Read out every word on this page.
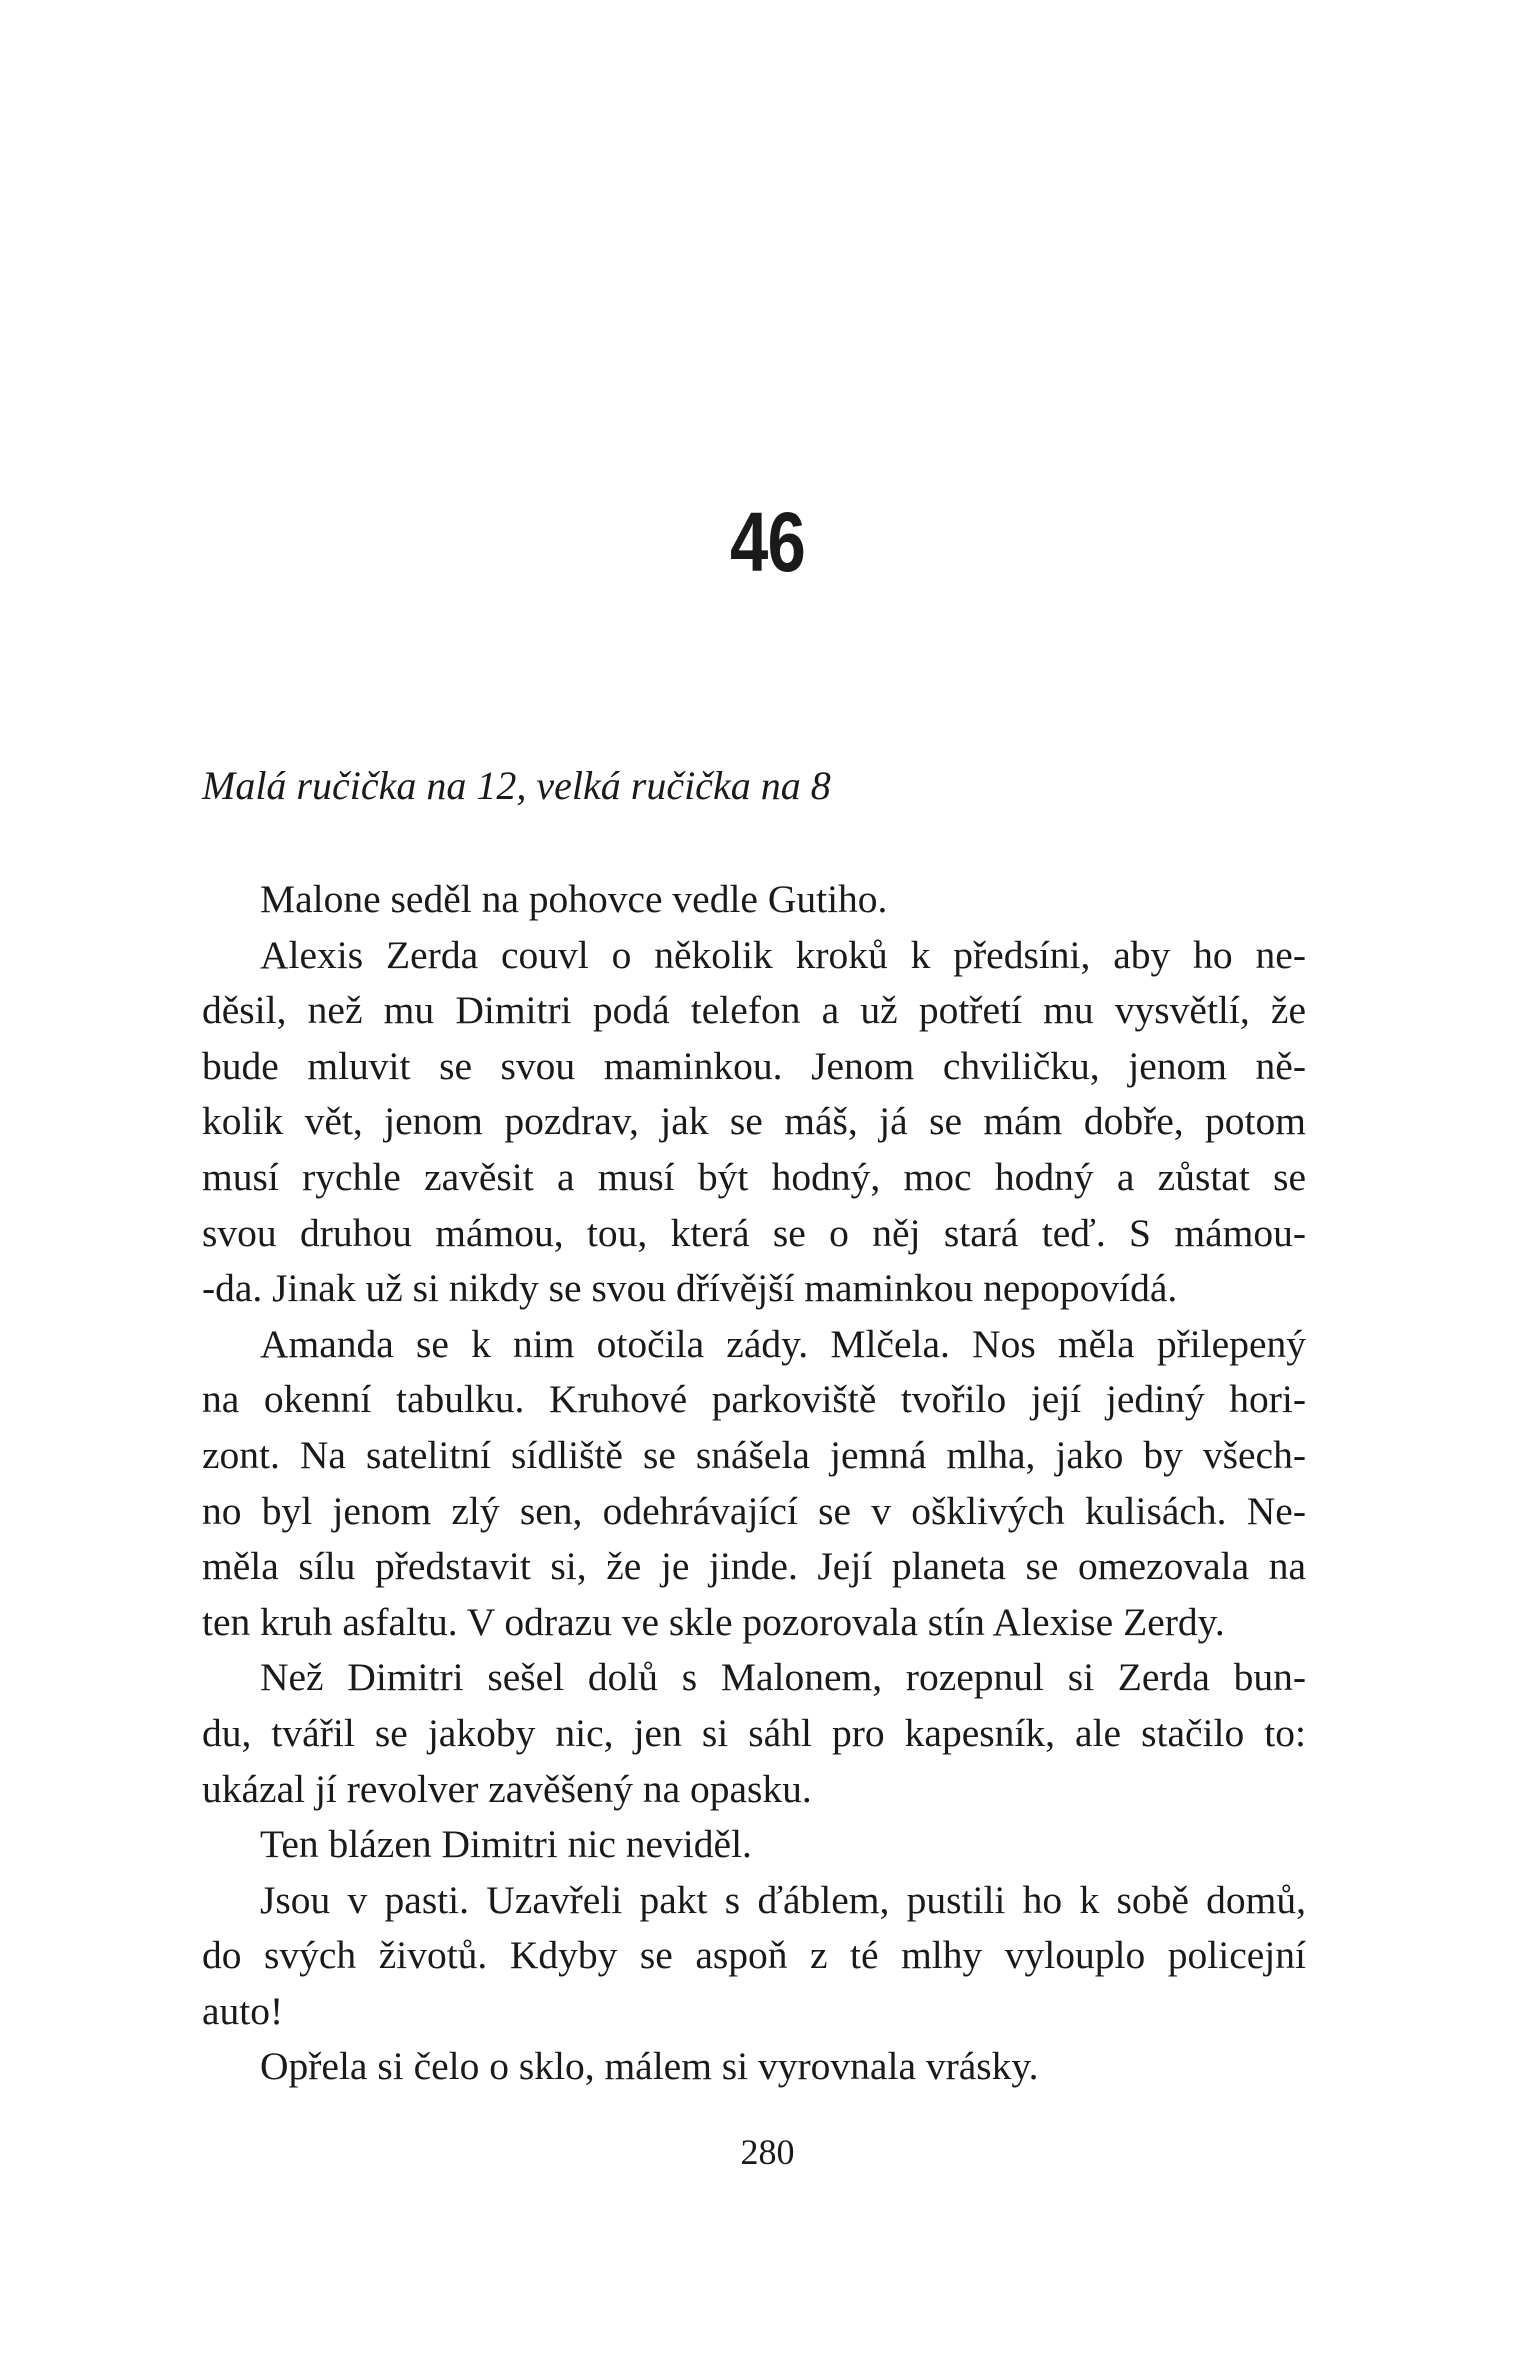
46
Malá ručička na 12, velká ručička na 8
Malone seděl na pohovce vedle Gutiho.
Alexis Zerda couvl o několik kroků k předsíni, aby ho ne-
děsil, než mu Dimitri podá telefon a už potřetí mu vysvětlí, že
bude mluvit se svou maminkou. Jenom chviličku, jenom ně-
kolik vět, jenom pozdrav, jak se máš, já se mám dobře, potom
musí rychle zavěsit a musí být hodný, moc hodný a zůstat se
svou druhou mámou, tou, která se o něj stará teď. S mámou-
-da. Jinak už si nikdy se svou dřívější maminkou nepopovídá.
Amanda se k nim otočila zády. Mlčela. Nos měla přilepený
na okenní tabulku. Kruhové parkoviště tvořilo její jediný hori-
zont. Na satelitní sídliště se snášela jemná mlha, jako by všech-
no byl jenom zlý sen, odehrávající se v ošklivých kulisách. Ne-
měla sílu představit si, že je jinde. Její planeta se omezovala na
ten kruh asfaltu. V odrazu ve skle pozorovala stín Alexise Zerdy.
Než Dimitri sešel dolů s Malonem, rozepnul si Zerda bun-
du, tvářil se jakoby nic, jen si sáhl pro kapesník, ale stačilo to:
ukázal jí revolver zavěšený na opasku.
Ten blázen Dimitri nic neviděl.
Jsou v pasti. Uzavřeli pakt s ďáblem, pustili ho k sobě domů,
do svých životů. Kdyby se aspoň z té mlhy vylouplo policejní
auto!
Opřela si čelo o sklo, málem si vyrovnala vrásky.
280
